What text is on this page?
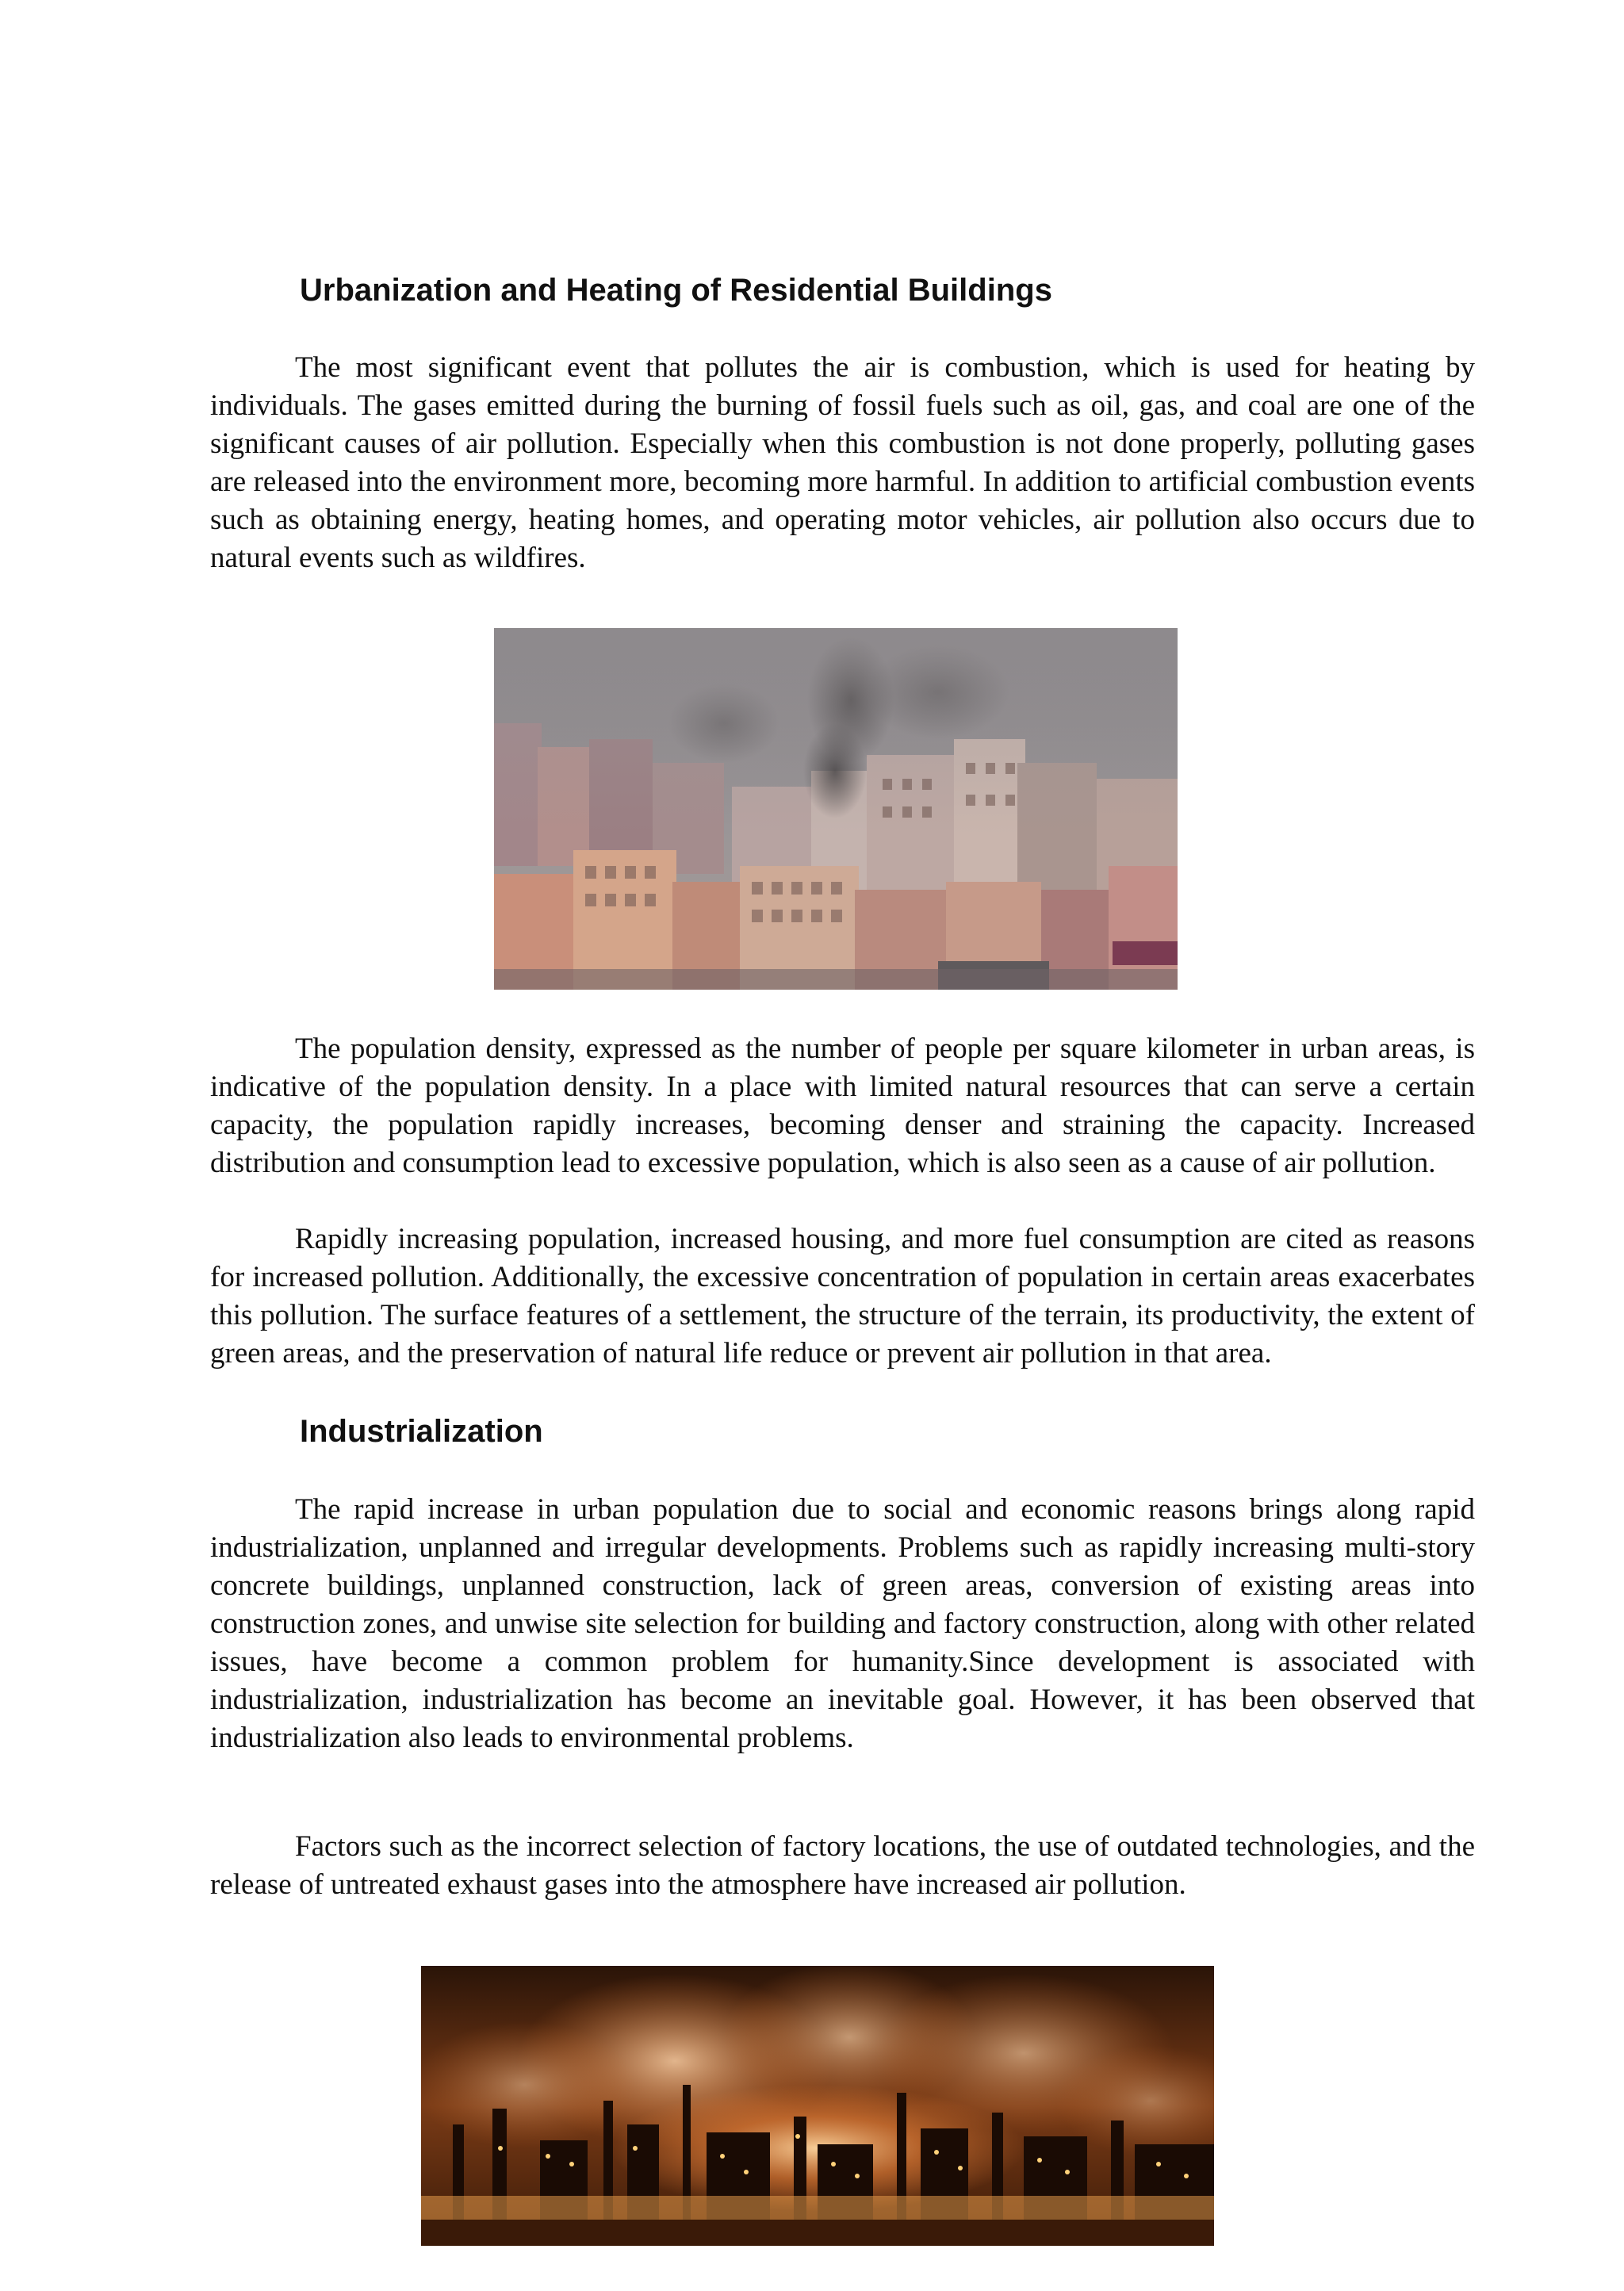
Urbanization and Heating of Residential Buildings

The most significant event that pollutes the air is combustion, which is used for heating by individuals. The gases emitted during the burning of fossil fuels such as oil, gas, and coal are one of the significant causes of air pollution. Especially when this combustion is not done properly, polluting gases are released into the environment more, becoming more harmful. In addition to artificial combustion events such as obtaining energy, heating homes, and operating motor vehicles, air pollution also occurs due to natural events such as wildfires.

The population density, expressed as the number of people per square kilometer in urban areas, is indicative of the population density. In a place with limited natural resources that can serve a certain capacity, the population rapidly increases, becoming denser and straining the capacity. Increased distribution and consumption lead to excessive population, which is also seen as a cause of air pollution.

Rapidly increasing population, increased housing, and more fuel consumption are cited as reasons for increased pollution. Additionally, the excessive concentration of population in certain areas exacerbates this pollution. The surface features of a settlement, the structure of the terrain, its productivity, the extent of green areas, and the preservation of natural life reduce or prevent air pollution in that area.

Industrialization

The rapid increase in urban population due to social and economic reasons brings along rapid industrialization, unplanned and irregular developments. Problems such as rapidly increasing multi-story concrete buildings, unplanned construction, lack of green areas, conversion of existing areas into construction zones, and unwise site selection for building and factory construction, along with other related issues, have become a common problem for humanity.Since development is associated with industrialization, industrialization has become an inevitable goal. However, it has been observed that industrialization also leads to environmental problems.

Factors such as the incorrect selection of factory locations, the use of outdated technologies, and the release of untreated exhaust gases into the atmosphere have increased air pollution.
